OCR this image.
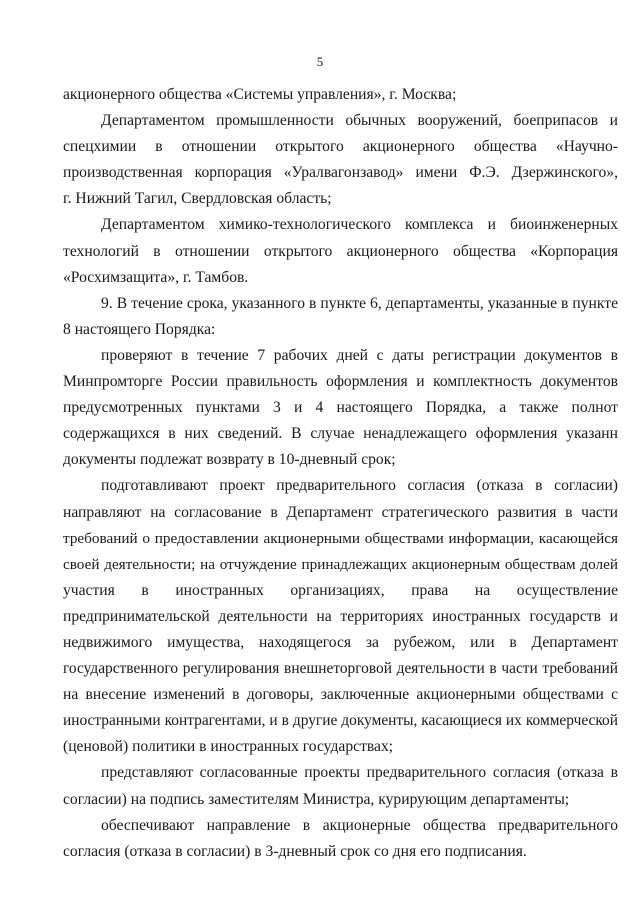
5
акционерного общества «Системы управления», г. Москва;
Департаментом промышленности обычных вооружений, боеприпасов и
спецхимии в отношении открытого акционерного общества «Научно-
производственная корпорация «Уралвагонзавод» имени Ф.Э. Дзержинского»,
г. Нижний Тагил, Свердловская область;
Департаментом химико-технологического комплекса и биоинженерных
технологий в отношении открытого акционерного общества «Корпорация
«Росхимзащита», г. Тамбов.
9. В течение срока, указанного в пункте 6, департаменты, указанные в пункте
8 настоящего Порядка:
проверяют в течение 7 рабочих дней с даты регистрации документов в
Минпромторге России правильность оформления и комплектность документов
предусмотренных пунктами 3 и 4 настоящего Порядка, а также полнот
содержащихся в них сведений. В случае ненадлежащего оформления указанн
документы подлежат возврату в 10-дневный срок;
подготавливают проект предварительного согласия (отказа в согласии)
направляют на согласование в Департамент стратегического развития в части
требований о предоставлении акционерными обществами информации, касающейся
своей деятельности; на отчуждение принадлежащих акционерным обществам долей
участия в иностранных организациях, права на осуществление
предпринимательской деятельности на территориях иностранных государств и
недвижимого имущества, находящегося за рубежом, или в Департамент
государственного регулирования внешнеторговой деятельности в части требований
на внесение изменений в договоры, заключенные акционерными обществами с
иностранными контрагентами, и в другие документы, касающиеся их коммерческой
(ценовой) политики в иностранных государствах;
представляют согласованные проекты предварительного согласия (отказа в
согласии) на подпись заместителям Министра, курирующим департаменты;
обеспечивают направление в акционерные общества предварительного
согласия (отказа в согласии) в 3-дневный срок со дня его подписания.
